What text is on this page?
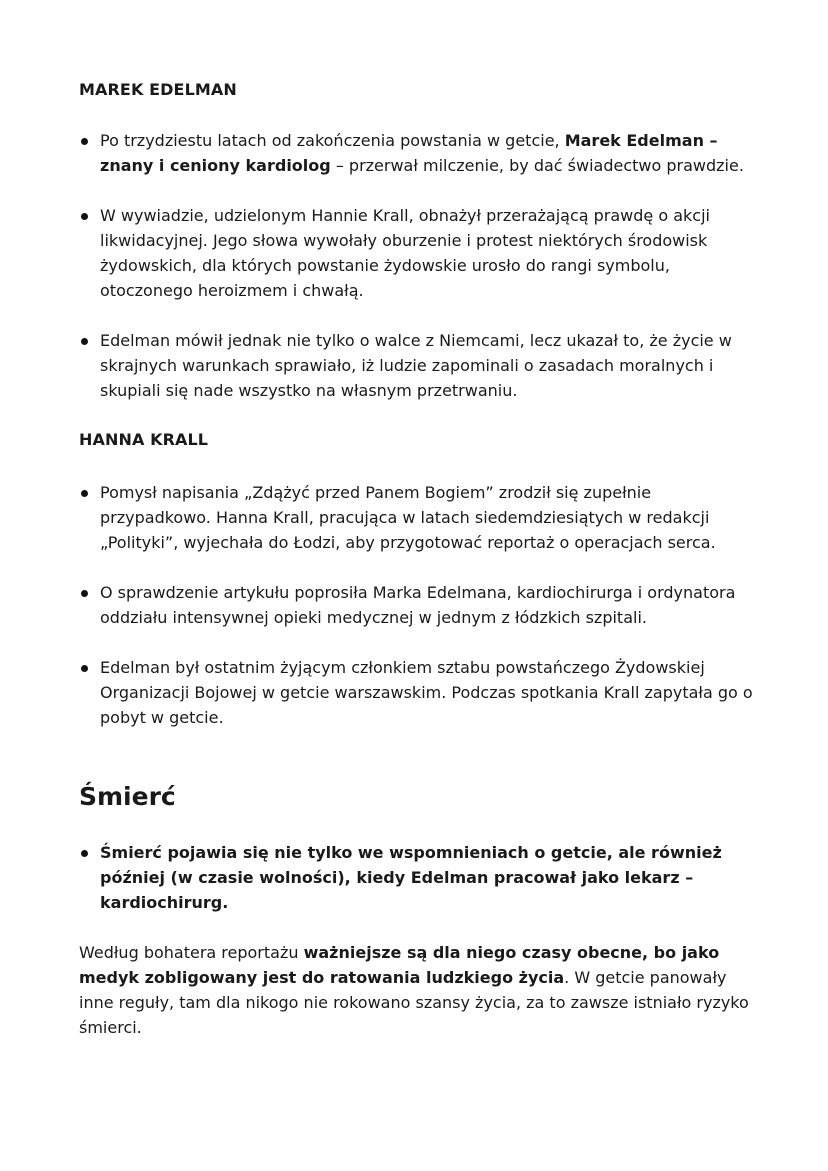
MAREK EDELMAN
Po trzydziestu latach od zakończenia powstania w getcie, Marek Edelman – znany i ceniony kardiolog – przerwał milczenie, by dać świadectwo prawdzie.
W wywiadzie, udzielonym Hannie Krall, obnażył przerażającą prawdę o akcji likwidacyjnej. Jego słowa wywołały oburzenie i protest niektórych środowisk żydowskich, dla których powstanie żydowskie urosło do rangi symbolu, otoczonego heroizmem i chwałą.
Edelman mówił jednak nie tylko o walce z Niemcami, lecz ukazał to, że życie w skrajnych warunkach sprawiało, iż ludzie zapominali o zasadach moralnych i skupiali się nade wszystko na własnym przetrwaniu.
HANNA KRALL
Pomysł napisania „Zdążyć przed Panem Bogiem” zrodził się zupełnie przypadkowo. Hanna Krall, pracująca w latach siedemdziesiątych w redakcji „Polityki”, wyjechała do Łodzi, aby przygotować reportaż o operacjach serca.
O sprawdzenie artykułu poprosiła Marka Edelmana, kardiochirurga i ordynatora oddziału intensywnej opieki medycznej w jednym z łódzkich szpitali.
Edelman był ostatnim żyjącym członkiem sztabu powstańczego Żydowskiej Organizacji Bojowej w getcie warszawskim. Podczas spotkania Krall zapytała go o pobyt w getcie.
Śmierć
Śmierć pojawia się nie tylko we wspomnieniach o getcie, ale również później (w czasie wolności), kiedy Edelman pracował jako lekarz – kardiochirurg.

Według bohatera reportażu ważniejsze są dla niego czasy obecne, bo jako medyk zobligowany jest do ratowania ludzkiego życia. W getcie panowały inne reguły, tam dla nikogo nie rokowano szansy życia, za to zawsze istniało ryzyko śmierci.
